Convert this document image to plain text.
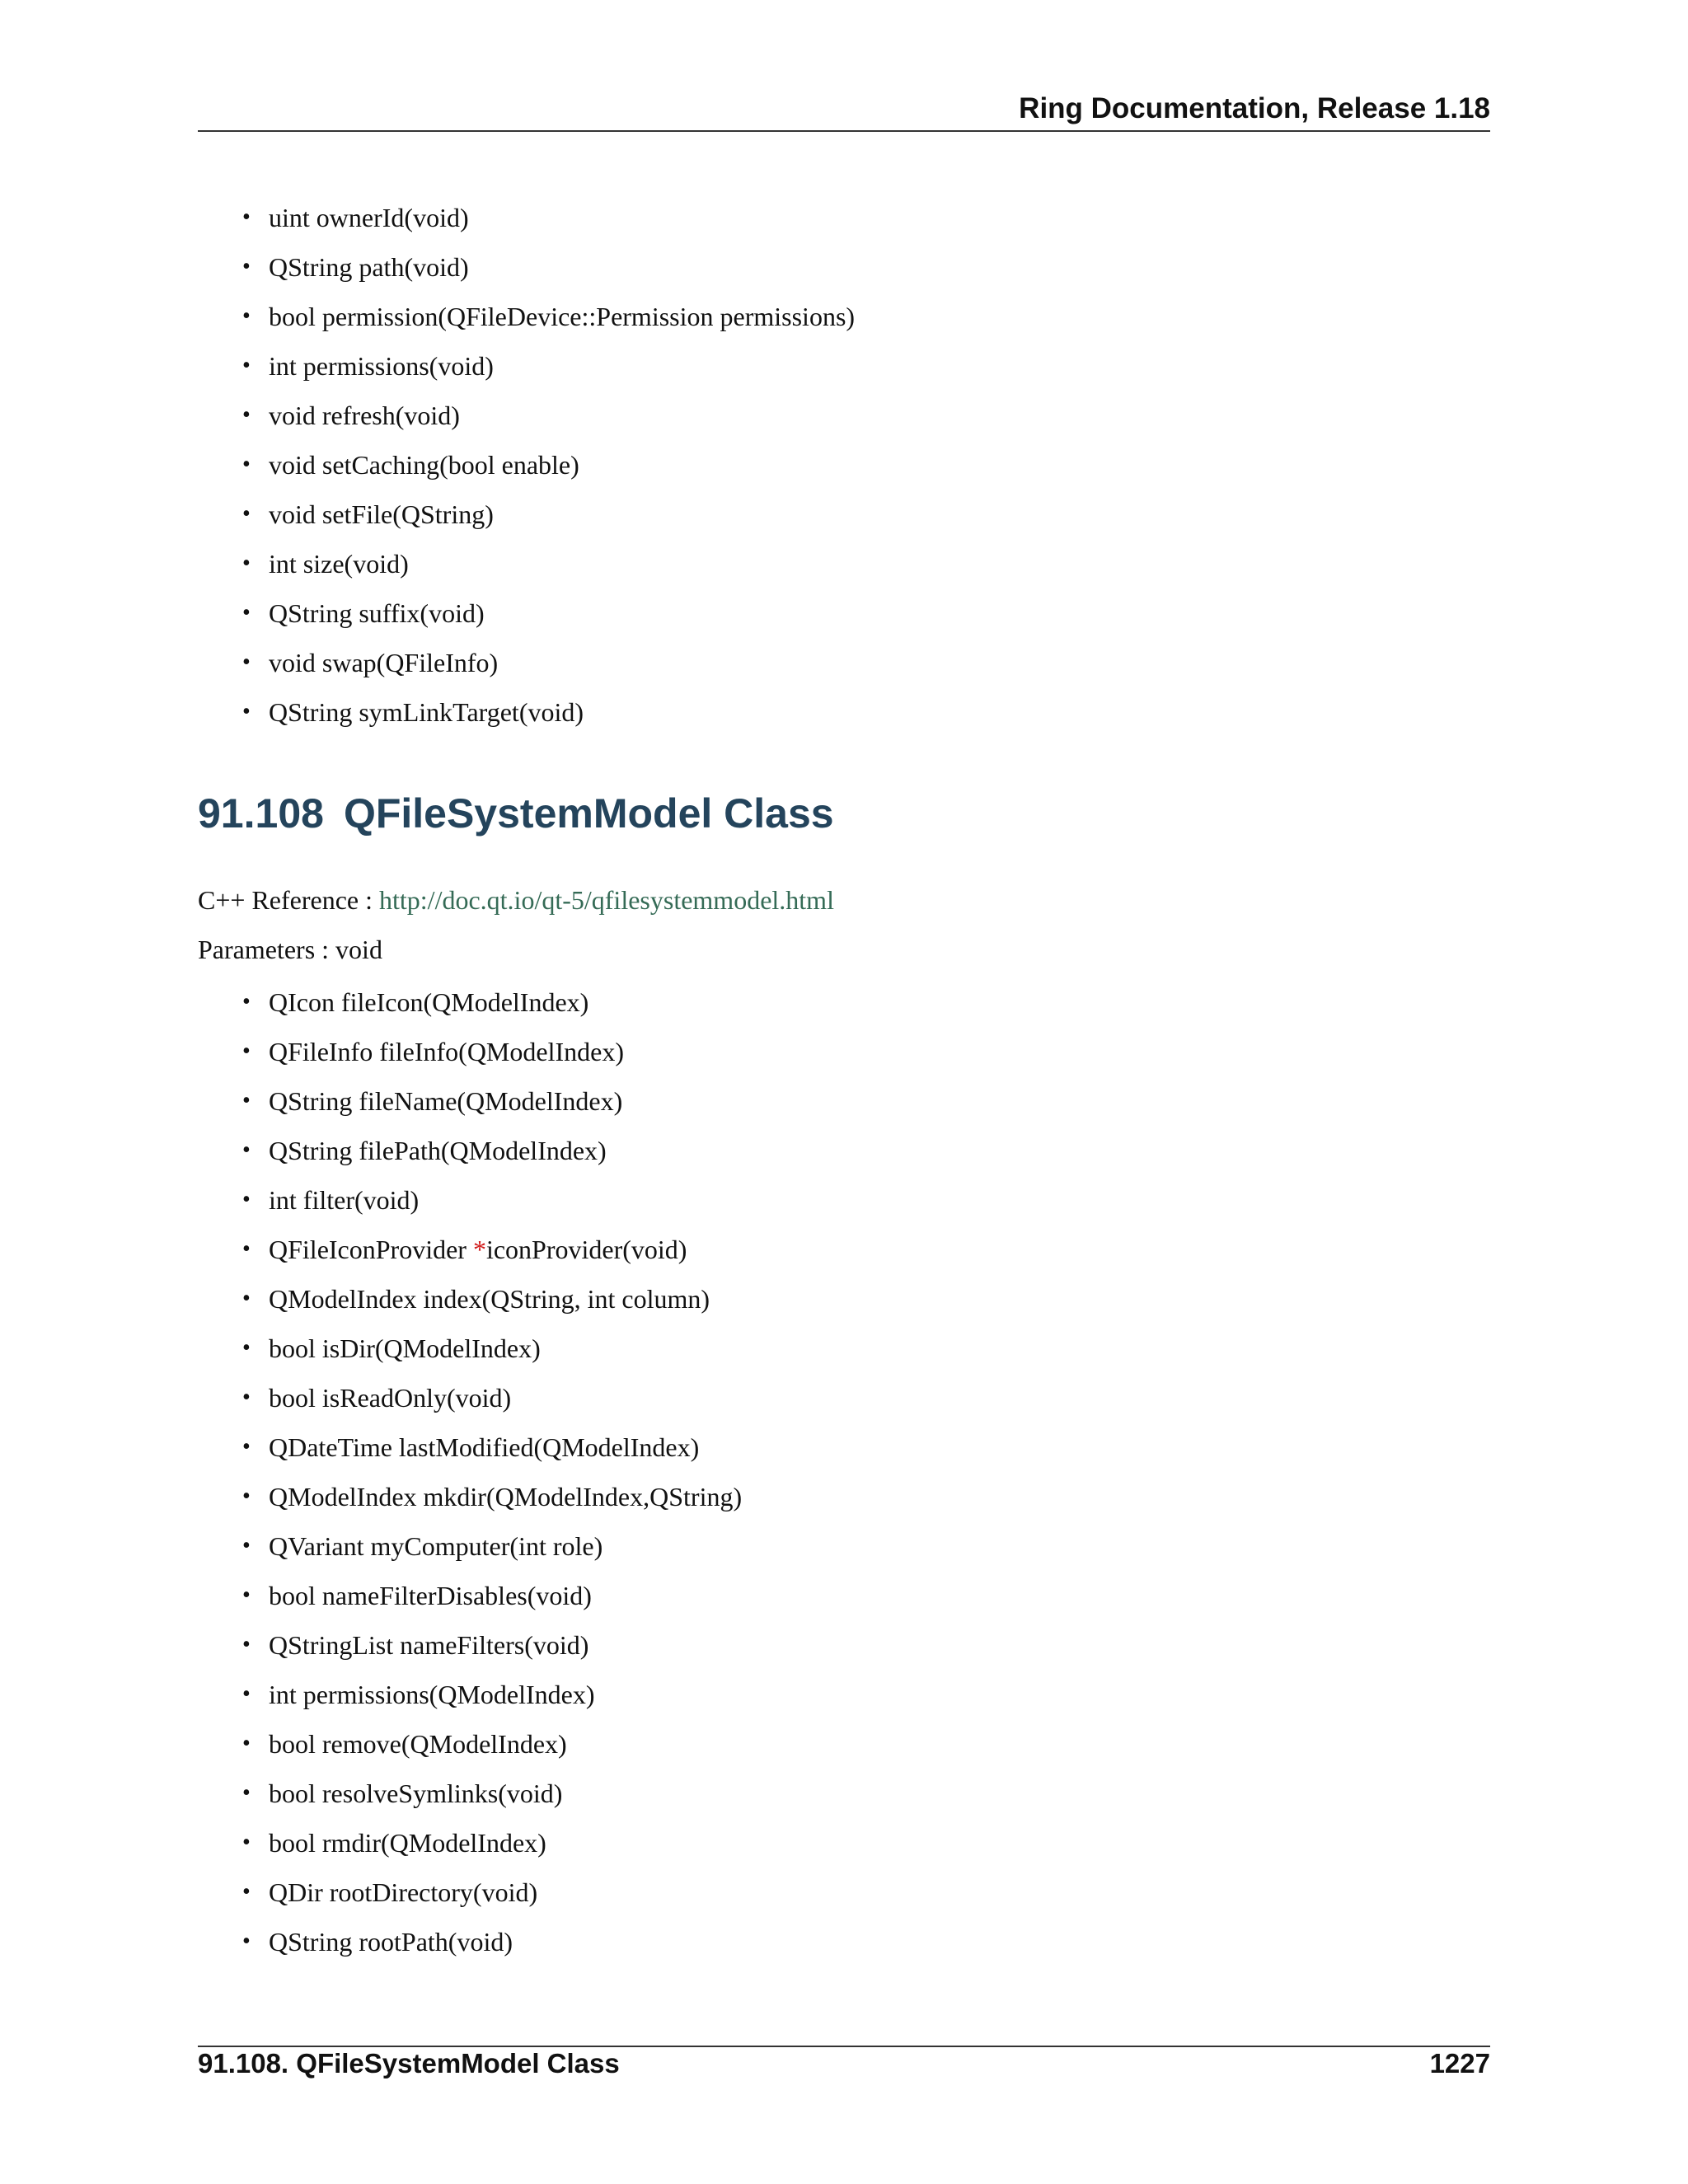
Ring Documentation, Release 1.18
• uint ownerId(void)
• QString path(void)
• bool permission(QFileDevice::Permission permissions)
• int permissions(void)
• void refresh(void)
• void setCaching(bool enable)
• void setFile(QString)
• int size(void)
• QString suffix(void)
• void swap(QFileInfo)
• QString symLinkTarget(void)
91.108 QFileSystemModel Class
C++ Reference : http://doc.qt.io/qt-5/qfilesystemmodel.html
Parameters : void
• QIcon fileIcon(QModelIndex)
• QFileInfo fileInfo(QModelIndex)
• QString fileName(QModelIndex)
• QString filePath(QModelIndex)
• int filter(void)
• QFileIconProvider *iconProvider(void)
• QModelIndex index(QString, int column)
• bool isDir(QModelIndex)
• bool isReadOnly(void)
• QDateTime lastModified(QModelIndex)
• QModelIndex mkdir(QModelIndex,QString)
• QVariant myComputer(int role)
• bool nameFilterDisables(void)
• QStringList nameFilters(void)
• int permissions(QModelIndex)
• bool remove(QModelIndex)
• bool resolveSymlinks(void)
• bool rmdir(QModelIndex)
• QDir rootDirectory(void)
• QString rootPath(void)
91.108. QFileSystemModel Class	1227
